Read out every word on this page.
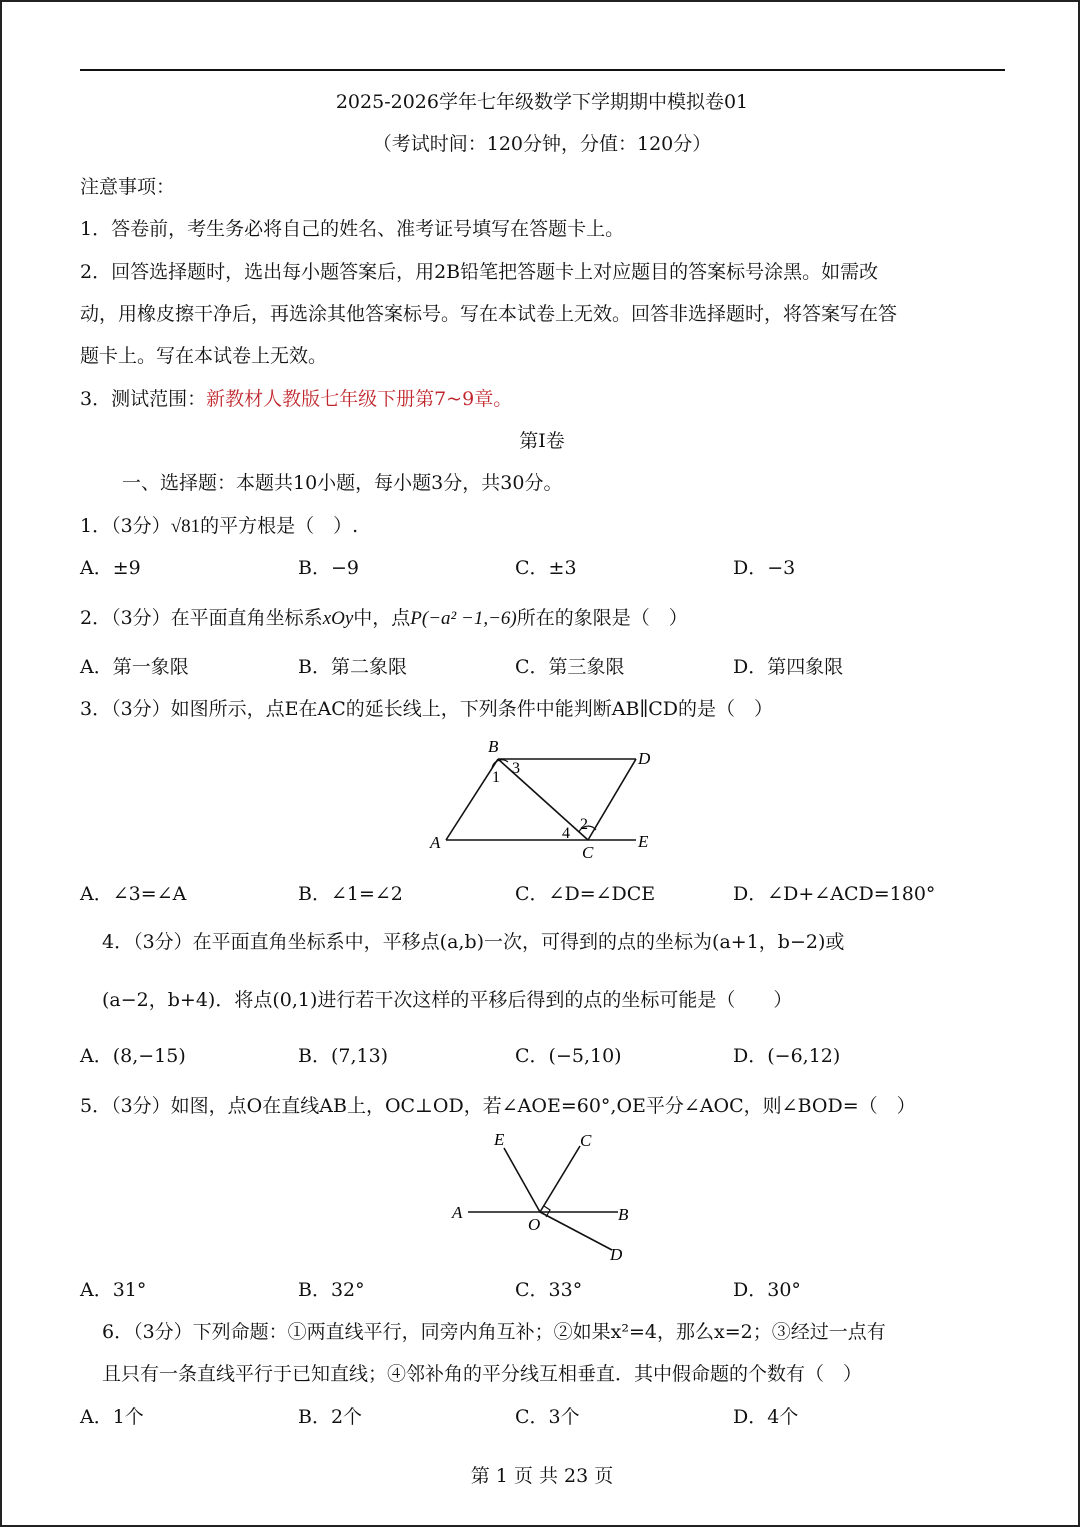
2025-2026学年七年级数学下学期期中模拟卷01
（考试时间：120分钟，分值：120分）
注意事项：
1．答卷前，考生务必将自己的姓名、准考证号填写在答题卡上。
2．回答选择题时，选出每小题答案后，用2B铅笔把答题卡上对应题目的答案标号涂黑。如需改
动，用橡皮擦干净后，再选涂其他答案标号。写在本试卷上无效。回答非选择题时，将答案写在答
题卡上。写在本试卷上无效。
3．测试范围：新教材人教版七年级下册第7~9章。
第Ⅰ卷
一、选择题：本题共10小题，每小题3分，共30分。
1．（3分）√81的平方根是（　）.
A．±9	B．−9	C．±3	D．−3
2．（3分）在平面直角坐标系xOy中，点P(−a² −1,−6)所在的象限是（　）
A．第一象限	B．第二象限	C．第三象限	D．第四象限
3．（3分）如图所示，点E在AC的延长线上，下列条件中能判断AB∥CD的是（　）
B
D
1
3
2
4
A
C
E
A．∠3=∠A	B．∠1=∠2	C．∠D=∠DCE	D．∠D+∠ACD=180°
4．（3分）在平面直角坐标系中，平移点(a,b)一次，可得到的点的坐标为(a+1，b−2)或
(a−2，b+4)．将点(0,1)进行若干次这样的平移后得到的点的坐标可能是（　　）
A．(8,−15)	B．(7,13)	C．(−5,10)	D．(−6,12)
5．（3分）如图，点O在直线AB上，OC⊥OD，若∠AOE=60°,OE平分∠AOC，则∠BOD=（　）
E	C
A
O
B
D
A．31°	B．32°	C．33°	D．30°
6．（3分）下列命题：①两直线平行，同旁内角互补；②如果x²=4，那么x=2；③经过一点有
且只有一条直线平行于已知直线；④邻补角的平分线互相垂直．其中假命题的个数有（　）
A．1个	B．2个	C．3个	D．4个
第 1 页 共 23 页
